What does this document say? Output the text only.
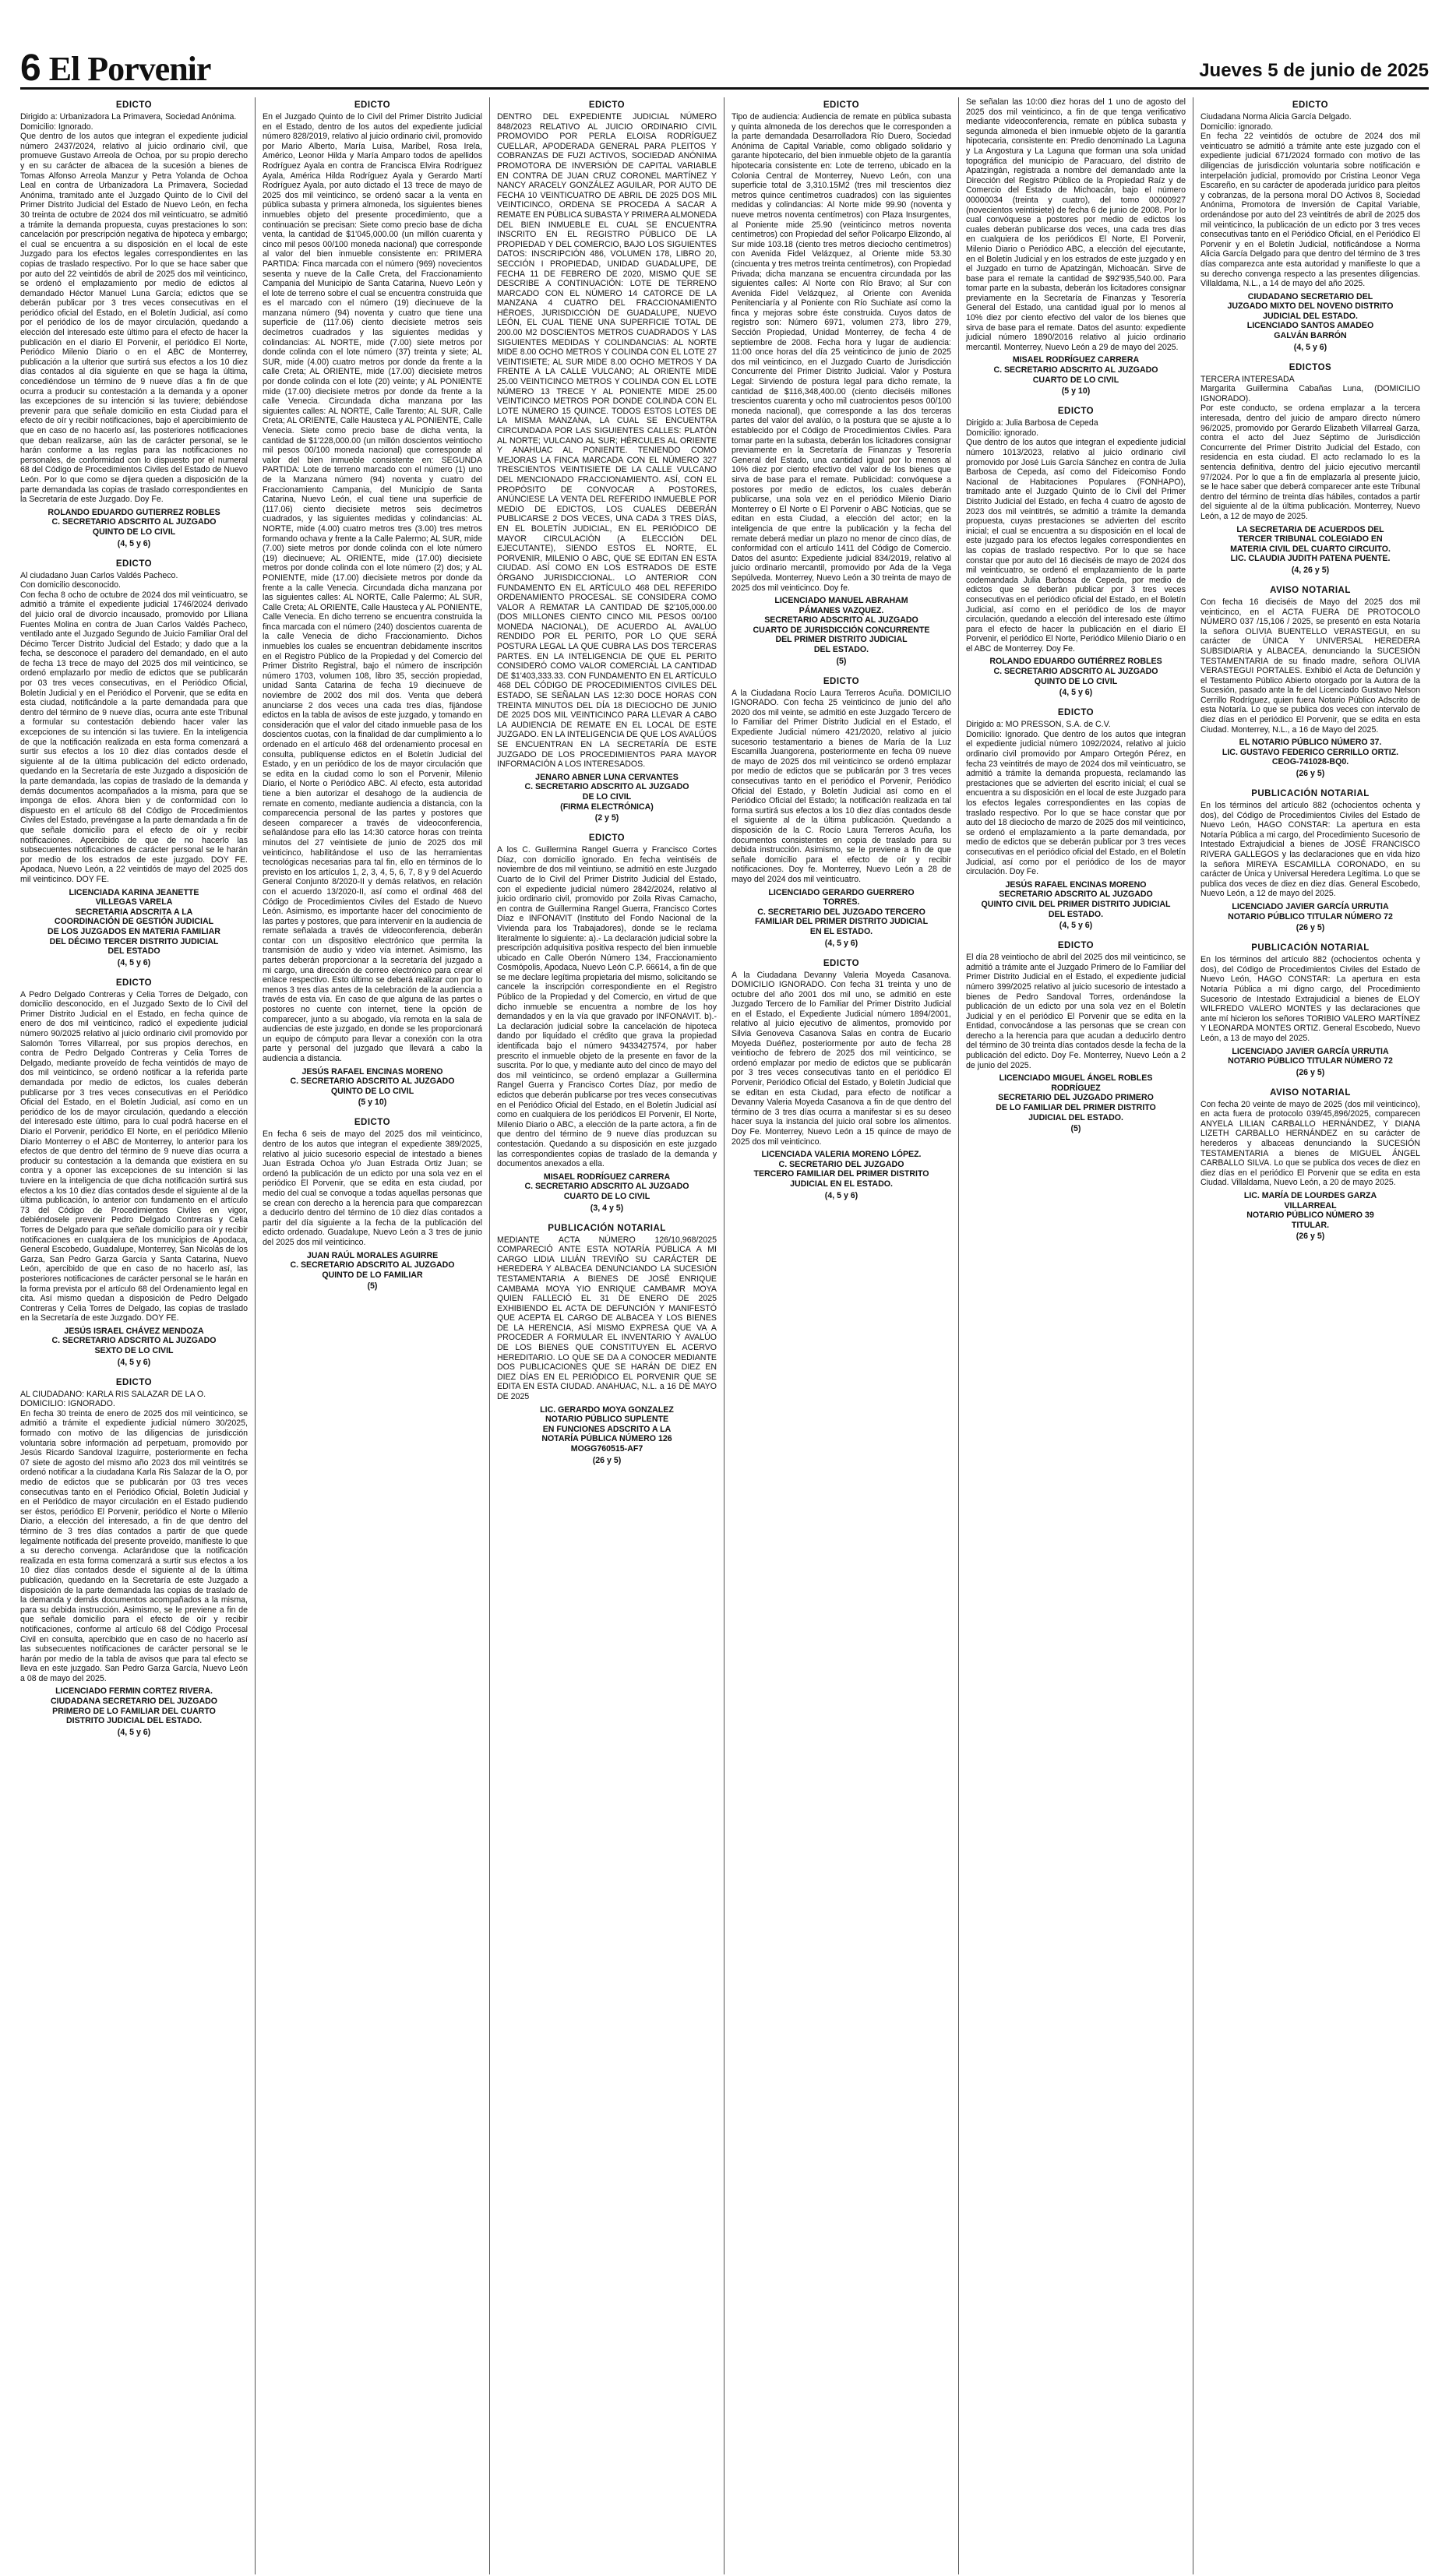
6 El Porvenir	Jueves 5 de junio de 2025
EDICTO

Dirigido a: Urbanizadora La Primavera, Sociedad Anónima.
Domicilio: Ignorado.
Que dentro de los autos que integran el expediente judicial número 2437/2024, relativo al juicio ordinario civil, que promueve Gustavo Arreola de Ochoa, por su propio derecho y en su carácter de albacea de la sucesión a bienes de Tomas Alfonso Arreola Manzur y Petra Yolanda de Ochoa Leal en contra de Urbanizadora La Primavera, Sociedad Anónima, tramitado ante el Juzgado Quinto de lo Civil del Primer Distrito Judicial del Estado de Nuevo León, en fecha 30 treinta de octubre de 2024 dos mil veinticuatro, se admitió a trámite la demanda propuesta, cuyas prestaciones lo son: cancelación por prescripción negativa de hipoteca y embargo; el cual se encuentra a su disposición en el local de este Juzgado para los efectos legales correspondientes en las copias de traslado respectivo. Por lo que se hace saber que por auto del 22 veintidós de abril de 2025 dos mil veinticinco, se ordenó el emplazamiento por medio de edictos al demandado Héctor Manuel Luna García; edictos que se deberán publicar por 3 tres veces consecutivas en el periódico oficial del Estado, en el Boletín Judicial, así como por el periódico de los de mayor circulación, quedando a elección del interesado este último para el efecto de hacer la publicación en el diario El Porvenir, el periódico El Norte, Periódico Milenio Diario o en el ABC de Monterrey, publicación a la ulterior que surtirá sus efectos a los 10 diez días contados al día siguiente en que se haga la última, concediéndose un término de 9 nueve días a fin de que ocurra a producir su contestación a la demanda y a oponer las excepciones de su intención si las tuviere; debiéndose prevenir para que señale domicilio en esta Ciudad para el efecto de oír y recibir notificaciones, bajo el apercibimiento de que en caso de no hacerlo así, las posteriores notificaciones que deban realizarse, aún las de carácter personal, se le harán conforme a las reglas para las notificaciones no personales, de conformidad con lo dispuesto por el numeral 68 del Código de Procedimientos Civiles del Estado de Nuevo León. Por lo que como se dijera queden a disposición de la parte demandada las copias de traslado correspondientes en la Secretaría de este Juzgado. Doy Fe.

ROLANDO EDUARDO GUTIERREZ ROBLES
C. SECRETARIO ADSCRITO AL JUZGADO
QUINTO DE LO CIVIL
(4, 5 y 6)
EDICTO

Al ciudadano Juan Carlos Valdés Pacheco.
Con domicilio desconocido.
Con fecha 8 ocho de octubre de 2024 dos mil veinticuatro, se admitió a trámite el expediente judicial 1746/2024 derivado del juicio oral de divorcio incausado, promovido por Liliana Fuentes Molina en contra de Juan Carlos Valdés Pacheco, ventilado ante el Juzgado Segundo de Juicio Familiar Oral del Décimo Tercer Distrito Judicial del Estado; y dado que a la fecha, se desconoce el paradero del demandado, en el auto de fecha 13 trece de mayo del 2025 dos mil veinticinco, se ordenó emplazarlo por medio de edictos que se publicarán por 03 tres veces consecutivas, en el Periódico Oficial, Boletín Judicial y en el Periódico el Porvenir, que se edita en esta ciudad, notificándole a la parte demandada para que dentro del término de 9 nueve días, ocurra ante este Tribunal a formular su contestación debiendo hacer valer las excepciones de su intención si las tuviere. En la inteligencia de que la notificación realizada en esta forma comenzará a surtir sus efectos a los 10 diez días contados desde el siguiente al de la última publicación del edicto ordenado, quedando en la Secretaría de este Juzgado a disposición de la parte demandada, las copias de traslado de la demanda y demás documentos acompañados a la misma, para que se imponga de ellos. Ahora bien y de conformidad con lo dispuesto en el artículo 68 del Código de Procedimientos Civiles del Estado, prevéngase a la parte demandada a fin de que señale domicilio para el efecto de oír y recibir notificaciones. Apercibido de que de no hacerlo las subsecuentes notificaciones de carácter personal se le harán por medio de los estrados de este juzgado. DOY FE. Apodaca, Nuevo León, a 22 veintidós de mayo del 2025 dos mil veinticinco. DOY FE.

LICENCIADA KARINA JEANETTE
VILLEGAS VARELA
SECRETARIA ADSCRITA A LA
COORDINACIÓN DE GESTIÓN JUDICIAL
DE LOS JUZGADOS EN MATERIA FAMILIAR
DEL DÉCIMO TERCER DISTRITO JUDICIAL
DEL ESTADO
(4, 5 y 6)
EDICTO

A Pedro Delgado Contreras y Celia Torres de Delgado, con domicilio desconocido, en el Juzgado Sexto de lo Civil del Primer Distrito Judicial en el Estado, en fecha quince de enero de dos mil veinticinco, radicó el expediente judicial número 90/2025 relativo al juicio ordinario civil promovido por Salomón Torres Villarreal, por sus propios derechos, en contra de Pedro Delgado Contreras y Celia Torres de Delgado, mediante proveído de fecha veintidós de mayo de dos mil veinticinco, se ordenó notificar a la referida parte demandada por medio de edictos, los cuales deberán publicarse por 3 tres veces consecutivas en el Periódico Oficial del Estado, en el Boletín Judicial, así como en un periódico de los de mayor circulación, quedando a elección del interesado este último, para lo cual podrá hacerse en el Diario el Porvenir, periódico El Norte, en el periódico Milenio Diario Monterrey o el ABC de Monterrey, lo anterior para los efectos de que dentro del término de 9 nueve días ocurra a producir su contestación a la demanda que existiera en su contra y a oponer las excepciones de su intención si las tuviere en la inteligencia de que dicha notificación surtirá sus efectos a los 10 diez días contados desde el siguiente al de la última publicación, lo anterior con fundamento en el artículo 73 del Código de Procedimientos Civiles en vigor, debiéndosele prevenir Pedro Delgado Contreras y Celia Torres de Delgado para que señale domicilio para oír y recibir notificaciones en cualquiera de los municipios de Apodaca, General Escobedo, Guadalupe, Monterrey, San Nicolás de los Garza, San Pedro Garza García y Santa Catarina, Nuevo León, apercibido de que en caso de no hacerlo así, las posteriores notificaciones de carácter personal se le harán en la forma prevista por el artículo 68 del Ordenamiento legal en cita. Así mismo quedan a disposición de Pedro Delgado Contreras y Celia Torres de Delgado, las copias de traslado en la Secretaría de este Juzgado. DOY FE.

JESÚS ISRAEL CHÁVEZ MENDOZA
C. SECRETARIO ADSCRITO AL JUZGADO
SEXTO DE LO CIVIL
(4, 5 y 6)
EDICTO

AL CIUDADANO: KARLA RIS SALAZAR DE LA O.
DOMICILIO: IGNORADO.
En fecha 30 treinta de enero de 2025 dos mil veinticinco, se admitió a trámite el expediente judicial número 30/2025, formado con motivo de las diligencias de jurisdicción voluntaria sobre información ad perpetuam, promovido por Jesús Ricardo Sandoval Izaguirre, posteriormente en fecha 07 siete de agosto del mismo año 2023 dos mil veintitrés se ordenó notificar a la ciudadana Karla Ris Salazar de la O, por medio de edictos que se publicarán por 03 tres veces consecutivas tanto en el Periódico Oficial, Boletín Judicial y en el Periódico de mayor circulación en el Estado pudiendo ser éstos, periódico El Porvenir, periódico el Norte o Milenio Diario, a elección del interesado, a fin de que dentro del término de 3 tres días contados a partir de que quede legalmente notificada del presente proveído, manifieste lo que a su derecho convenga. Aclarándose que la notificación realizada en esta forma comenzará a surtir sus efectos a los 10 diez días contados desde el siguiente al de la última publicación, quedando en la Secretaría de este Juzgado a disposición de la parte demandada las copias de traslado de la demanda y demás documentos acompañados a la misma, para su debida instrucción. Asimismo, se le previene a fin de que señale domicilio para el efecto de oír y recibir notificaciones, conforme al artículo 68 del Código Procesal Civil en consulta, apercibido que en caso de no hacerlo así las subsecuentes notificaciones de carácter personal se le harán por medio de la tabla de avisos que para tal efecto se lleva en este juzgado. San Pedro Garza García, Nuevo León a 08 de mayo del 2025.

LICENCIADO FERMIN CORTEZ RIVERA.
CIUDADANA SECRETARIO DEL JUZGADO
PRIMERO DE LO FAMILIAR DEL CUARTO
DISTRITO JUDICIAL DEL ESTADO.
(4, 5 y 6)
EDICTO

En el Juzgado Quinto de lo Civil del Primer Distrito Judicial en el Estado, dentro de los autos del expediente judicial número 828/2019, relativo al juicio ordinario civil, promovido por Mario Alberto, María Luisa, Maribel, Rosa Irela, Américo, Leonor Hilda y María Amparo todos de apellidos Rodríguez Ayala en contra de Francisca Elvira Rodríguez Ayala, América Hilda Rodríguez Ayala y Gerardo Martí Rodríguez Ayala, por auto dictado el 13 trece de mayo de 2025 dos mil veinticinco, se ordenó sacar a la venta en pública subasta y primera almoneda, los siguientes bienes inmuebles objeto del presente procedimiento, que a continuación se precisan: Siete como precio base de dicha venta, la cantidad de $1'045,000.00 (un millón cuarenta y cinco mil pesos 00/100 moneda nacional) que corresponde al valor del bien inmueble consistente en: PRIMERA PARTIDA: Finca marcada con el número (969) novecientos sesenta y nueve de la Calle Creta, del Fraccionamiento Campania del Municipio de Santa Catarina, Nuevo León y el lote de terreno sobre el cual se encuentra construida que es el marcado con el número (19) diecinueve de la manzana número (94) noventa y cuatro que tiene una superficie de (117.06) ciento diecisiete metros seis decímetros cuadrados y las siguientes medidas y colindancias: AL NORTE, mide (7.00) siete metros por donde colinda con el lote número (37) treinta y siete; AL SUR, mide (4.00) cuatro metros por donde da frente a la calle Creta; AL ORIENTE, mide (17.00) diecisiete metros por donde colinda con el lote (20) veinte; y AL PONIENTE mide (17.00) diecisiete metros por donde da frente a la calle Venecia. Circundada dicha manzana por las siguientes calles: AL NORTE, Calle Tarento; AL SUR, Calle Creta; AL ORIENTE, Calle Hausteca y AL PONIENTE, Calle Venecia. Siete como precio base de dicha venta, la cantidad de $1'228,000.00 (un millón doscientos veintiocho mil pesos 00/100 moneda nacional) que corresponde al valor del bien inmueble consistente en: SEGUNDA PARTIDA: Lote de terreno marcado con el número (1) uno de la Manzana número (94) noventa y cuatro del Fraccionamiento Campania, del Municipio de Santa Catarina, Nuevo León, el cual tiene una superficie de (117.06) ciento diecisiete metros seis decímetros cuadrados, y las siguientes medidas y colindancias: AL NORTE, mide (4.00) cuatro metros tres (3.00) tres metros formando ochava y frente a la Calle Palermo; AL SUR, mide (7.00) siete metros por donde colinda con el lote número (19) diecinueve; AL ORIENTE, mide (17.00) diecisiete metros por donde colinda con el lote número (2) dos; y AL PONIENTE, mide (17.00) diecisiete metros por donde da frente a la calle Venecia. Circundada dicha manzana por las siguientes calles: AL NORTE, Calle Palermo; AL SUR, Calle Creta; AL ORIENTE, Calle Hausteca y AL PONIENTE, Calle Venecia. En dicho terreno se encuentra construida la finca marcada con el número (240) doscientos cuarenta de la calle Venecia de dicho Fraccionamiento. Dichos inmuebles los cuales se encuentran debidamente inscritos en el Registro Público de la Propiedad y del Comercio del Primer Distrito Registral, bajo el número de inscripción número 1703, volumen 108, libro 35, sección propiedad, unidad Santa Catarina de fecha 19 diecinueve de noviembre de 2002 dos mil dos. Venta que deberá anunciarse 2 dos veces una cada tres días, fijándose edictos en la tabla de avisos de este juzgado, y tomando en consideración que el valor del citado inmueble pasa de los doscientos cuotas, con la finalidad de dar cumplimiento a lo ordenado en el artículo 468 del ordenamiento procesal en consulta, publíquense edictos en el Boletín Judicial del Estado, y en un periódico de los de mayor circulación que se edita en la ciudad como lo son el Porvenir, Milenio Diario, el Norte o Periódico ABC. Al efecto, esta autoridad tiene a bien autorizar el desahogo de la audiencia de remate en comento, mediante audiencia a distancia, con la comparecencia personal de las partes y postores que deseen comparecer a través de videoconferencia, señalándose para ello las 14:30 catorce horas con treinta minutos del 27 veintisiete de junio de 2025 dos mil veinticinco, habilitándose el uso de las herramientas tecnológicas necesarias para tal fin, ello en términos de lo previsto en los artículos 1, 2, 3, 4, 5, 6, 7, 8 y 9 del Acuerdo General Conjunto 8/2020-II y demás relativos, en relación con el acuerdo 13/2020-II, así como el ordinal 468 del Código de Procedimientos Civiles del Estado de Nuevo León. Asimismo, es importante hacer del conocimiento de las partes y postores, que para intervenir en la audiencia de remate señalada a través de videoconferencia, deberán contar con un dispositivo electrónico que permita la transmisión de audio y video vía internet. Asimismo, las partes deberán proporcionar a la secretaría del juzgado a mi cargo, una dirección de correo electrónico para crear el enlace respectivo. Esto último se deberá realizar con por lo menos 3 tres días antes de la celebración de la audiencia a través de esta vía. En caso de que alguna de las partes o postores no cuente con internet, tiene la opción de comparecer, junto a su abogado, vía remota en la sala de audiencias de este juzgado, en donde se les proporcionará un equipo de cómputo para llevar a conexión con la otra parte y personal del juzgado que llevará a cabo la audiencia a distancia.

JESÚS RAFAEL ENCINAS MORENO
C. SECRETARIO ADSCRITO AL JUZGADO
QUINTO DE LO CIVIL
(5 y 10)
EDICTO

En fecha 6 seis de mayo del 2025 dos mil veinticinco, dentro de los autos que integran el expediente 389/2025, relativo al juicio sucesorio especial de intestado a bienes Juan Estrada Ochoa y/o Juan Estrada Ortiz Juan; se ordenó la publicación de un edicto por una sola vez en el periódico El Porvenir, que se edita en esta ciudad, por medio del cual se convoque a todas aquellas personas que se crean con derecho a la herencia para que comparezcan a deducirlo dentro del término de 10 diez días contados a partir del día siguiente a la fecha de la publicación del edicto ordenado. Guadalupe, Nuevo León a 3 tres de junio del 2025 dos mil veinticinco.

JUAN RAÚL MORALES AGUIRRE
C. SECRETARIO ADSCRITO AL JUZGADO
QUINTO DE LO FAMILIAR
(5)
EDICTO

DENTRO DEL EXPEDIENTE JUDICIAL NÚMERO 848/2023 RELATIVO AL JUICIO ORDINARIO CIVIL PROMOVIDO POR PERLA ELOISA RODRÍGUEZ CUELLAR, APODERADA GENERAL PARA PLEITOS Y COBRANZAS DE FUZI ACTIVOS, SOCIEDAD ANÓNIMA PROMOTORA DE INVERSIÓN DE CAPITAL VARIABLE EN CONTRA DE JUAN CRUZ CORONEL MARTÍNEZ Y NANCY ARACELY GONZÁLEZ AGUILAR, POR AUTO DE FECHA 10 VEINTICUATRO DE ABRIL DE 2025 DOS MIL VEINTICINCO, ORDENA SE PROCEDA A SACAR A REMATE EN PÚBLICA SUBASTA Y PRIMERA ALMONEDA DEL BIEN INMUEBLE EL CUAL SE ENCUENTRA INSCRITO EN EL REGISTRO PÚBLICO DE LA PROPIEDAD Y DEL COMERCIO, BAJO LOS SIGUIENTES DATOS: INSCRIPCIÓN 486, VOLUMEN 178, LIBRO 20, SECCIÓN I PROPIEDAD, UNIDAD GUADALUPE, DE FECHA 11 DE FEBRERO DE 2020, MISMO QUE SE DESCRIBE A CONTINUACIÓN: LOTE DE TERRENO MARCADO CON EL NÚMERO 14 CATORCE DE LA MANZANA 4 CUATRO DEL FRACCIONAMIENTO HÉROES, JURISDICCIÓN DE GUADALUPE, NUEVO LEÓN, EL CUAL TIENE UNA SUPERFICIE TOTAL DE 200.00 M2 DOSCIENTOS METROS CUADRADOS Y LAS SIGUIENTES MEDIDAS Y COLINDANCIAS: AL NORTE MIDE 8.00 OCHO METROS Y COLINDA CON EL LOTE 27 VEINTISIETE; AL SUR MIDE 8.00 OCHO METROS Y DA FRENTE A LA CALLE VULCANO; AL ORIENTE MIDE 25.00 VEINTICINCO METROS Y COLINDA CON EL LOTE NÚMERO 13 TRECE Y AL PONIENTE MIDE 25.00 VEINTICINCO METROS POR DONDE COLINDA CON EL LOTE NÚMERO 15 QUINCE. TODOS ESTOS LOTES DE LA MISMA MANZANA, LA CUAL SE ENCUENTRA CIRCUNDADA POR LAS SIGUIENTES CALLES: PLATÓN AL NORTE; VULCANO AL SUR; HÉRCULES AL ORIENTE Y ANAHUAC AL PONIENTE. TENIENDO COMO MEJORAS LA FINCA MARCADA CON EL NÚMERO 327 TRESCIENTOS VEINTISIETE DE LA CALLE VULCANO DEL MENCIONADO FRACCIONAMIENTO. ASÍ, CON EL PROPÓSITO DE CONVOCAR A POSTORES, ANÚNCIESE LA VENTA DEL REFERIDO INMUEBLE POR MEDIO DE EDICTOS, LOS CUALES DEBERÁN PUBLICARSE 2 DOS VECES, UNA CADA 3 TRES DÍAS, EN EL BOLETÍN JUDICIAL, EN EL PERIÓDICO DE MAYOR CIRCULACIÓN (A ELECCIÓN DEL EJECUTANTE), SIENDO ESTOS EL NORTE, EL PORVENIR, MILENIO O ABC, QUE SE EDITAN EN ESTA CIUDAD. ASÍ COMO EN LOS ESTRADOS DE ESTE ÓRGANO JURISDICCIONAL. LO ANTERIOR CON FUNDAMENTO EN EL ARTÍCULO 468 DEL REFERIDO ORDENAMIENTO PROCESAL. SE CONSIDERA COMO VALOR A REMATAR LA CANTIDAD DE $2'105,000.00 (DOS MILLONES CIENTO CINCO MIL PESOS 00/100 MONEDA NACIONAL), DE ACUERDO AL AVALÚO RENDIDO POR EL PERITO, POR LO QUE SERÁ POSTURA LEGAL LA QUE CUBRA LAS DOS TERCERAS PARTES. EN LA INTELIGENCIA DE QUE EL PERITO CONSIDERÓ COMO VALOR COMERCIAL LA CANTIDAD DE $1'403,333.33. CON FUNDAMENTO EN EL ARTÍCULO 468 DEL CÓDIGO DE PROCEDIMIENTOS CIVILES DEL ESTADO, SE SEÑALAN LAS 12:30 DOCE HORAS CON TREINTA MINUTOS DEL DÍA 18 DIECIOCHO DE JUNIO DE 2025 DOS MIL VEINTICINCO PARA LLEVAR A CABO LA AUDIENCIA DE REMATE EN EL LOCAL DE ESTE JUZGADO. EN LA INTELIGENCIA DE QUE LOS AVALÚOS SE ENCUENTRAN EN LA SECRETARÍA DE ESTE JUZGADO DE LOS PROCEDIMIENTOS PARA MAYOR INFORMACIÓN A LOS INTERESADOS.

JENARO ABNER LUNA CERVANTES
C. SECRETARIO ADSCRITO AL JUZGADO
DE LO CIVIL
(FIRMA ELECTRÓNICA)
(2 y 5)
EDICTO

A los C. Guillermina Rangel Guerra y Francisco Cortes Díaz, con domicilio ignorado. En fecha veintiséis de noviembre de dos mil veintiuno, se admitió en este Juzgado Cuarto de lo Civil del Primer Distrito Judicial del Estado, con el expediente judicial número 2842/2024, relativo al juicio ordinario civil, promovido por Zoila Rivas Camacho, en contra de Guillermina Rangel Guerra, Francisco Cortes Díaz e INFONAVIT (Instituto del Fondo Nacional de la Vivienda para los Trabajadores), donde se le reclama literalmente lo siguiente: a).- La declaración judicial sobre la prescripción adquisitiva positiva respecto del bien inmueble ubicado en Calle Oberón Número 134, Fraccionamiento Cosmópolis, Apodaca, Nuevo León C.P. 66614, a fin de que se me declare legítima propietaria del mismo, solicitando se cancele la inscripción correspondiente en el Registro Público de la Propiedad y del Comercio, en virtud de que dicho inmueble se encuentra a nombre de los hoy demandados y en la vía que gravado por INFONAVIT. b).- La declaración judicial sobre la cancelación de hipoteca dando por liquidado el crédito que grava la propiedad identificada bajo el número 9433427574, por haber prescrito el inmueble objeto de la presente en favor de la suscrita. Por lo que, y mediante auto del cinco de mayo del dos mil veinticinco, se ordenó emplazar a Guillermina Rangel Guerra y Francisco Cortes Díaz, por medio de edictos que deberán publicarse por tres veces consecutivas en el Periódico Oficial del Estado, en el Boletín Judicial así como en cualquiera de los periódicos El Porvenir, El Norte, Milenio Diario o ABC, a elección de la parte actora, a fin de que dentro del término de 9 nueve días produzcan su contestación. Quedando a su disposición en este juzgado las correspondientes copias de traslado de la demanda y documentos anexados a ella.

MISAEL RODRÍGUEZ CARRERA
C. SECRETARIO ADSCRITO AL JUZGADO
CUARTO DE LO CIVIL
(3, 4 y 5)
PUBLICACIÓN NOTARIAL

MEDIANTE ACTA NÚMERO 126/10,968/2025 COMPARECIÓ ANTE ESTA NOTARÍA PÚBLICA A MI CARGO LIDIA LILIÁN TREVIÑO SU CARÁCTER DE HEREDERA Y ALBACEA DENUNCIANDO LA SUCESIÓN TESTAMENTARIA A BIENES DE JOSÉ ENRIQUE CAMBAMA MOYA YIO ENRIQUE CAMBAMR MOYA QUIEN FALLECIÓ EL 31 DE ENERO DE 2025 EXHIBIENDO EL ACTA DE DEFUNCIÓN Y MANIFESTÓ QUE ACEPTA EL CARGO DE ALBACEA Y LOS BIENES DE LA HERENCIA, ASÍ MISMO EXPRESA QUE VA A PROCEDER A FORMULAR EL INVENTARIO Y AVALÚO DE LOS BIENES QUE CONSTITUYEN EL ACERVO HEREDITARIO. LO QUE SE DA A CONOCER MEDIANTE DOS PUBLICACIONES QUE SE HARÁN DE DIEZ EN DIEZ DÍAS EN EL PERIÓDICO EL PORVENIR QUE SE EDITA EN ESTA CIUDAD. ANAHUAC, N.L. a 16 DE MAYO DE 2025

LIC. GERARDO MOYA GONZALEZ
NOTARIO PÚBLICO SUPLENTE
EN FUNCIONES ADSCRITO A LA
NOTARÍA PÚBLICA NÚMERO 126
MOGG760515-AF7
(26 y 5)
EDICTO

Tipo de audiencia: Audiencia de remate en pública subasta y quinta almoneda de los derechos que le corresponden a la parte demandada Desarrolladora Río Duero, Sociedad Anónima de Capital Variable, como obligado solidario y garante hipotecario, del bien inmueble objeto de la garantía hipotecaria consistente en: Lote de terreno, ubicado en la Colonia Central de Monterrey, Nuevo León, con una superficie total de 3,310.15M2 (tres mil trescientos diez metros quince centímetros cuadrados) con las siguientes medidas y colindancias: Al Norte mide 99.90 (noventa y nueve metros noventa centímetros) con Plaza Insurgentes, al Poniente mide 25.90 (veinticinco metros noventa centímetros) con Propiedad del señor Policarpo Elizondo, al Sur mide 103.18 (ciento tres metros dieciocho centímetros) con Avenida Fidel Velázquez, al Oriente mide 53.30 (cincuenta y tres metros treinta centímetros), con Propiedad Privada; dicha manzana se encuentra circundada por las siguientes calles: Al Norte con Río Bravo; al Sur con Avenida Fidel Velázquez, al Oriente con Avenida Penitenciaría y al Poniente con Río Suchiate así como la finca y mejoras sobre éste construida. Cuyos datos de registro son: Número 6971, volumen 273, libro 279, Sección Propiedad, Unidad Monterrey, de fecha 4 de septiembre de 2008. Fecha hora y lugar de audiencia: 11:00 once horas del día 25 veinticinco de junio de 2025 dos mil veinticinco, en el Juzgado Cuarto de Jurisdicción Concurrente del Primer Distrito Judicial. Valor y Postura Legal: Sirviendo de postura legal para dicho remate, la cantidad de $116,348,400.00 (ciento dieciséis millones trescientos cuarenta y ocho mil cuatrocientos pesos 00/100 moneda nacional), que corresponde a las dos terceras partes del valor del avalúo, o la postura que se ajuste a lo establecido por el Código de Procedimientos Civiles. Para tomar parte en la subasta, deberán los licitadores consignar previamente en la Secretaría de Finanzas y Tesorería General del Estado, una cantidad igual por lo menos al 10% diez por ciento efectivo del valor de los bienes que sirva de base para el remate. Publicidad: convóquese a postores por medio de edictos, los cuales deberán publicarse, una sola vez en el periódico Milenio Diario Monterrey o El Norte o El Porvenir o ABC Noticias, que se editan en esta Ciudad, a elección del actor; en la inteligencia de que entre la publicación y la fecha del remate deberá mediar un plazo no menor de cinco días, de conformidad con el artículo 1411 del Código de Comercio. Datos del asunto: Expediente judicial 834/2019, relativo al juicio ordinario mercantil, promovido por Ada de la Vega Sepúlveda. Monterrey, Nuevo León a 30 treinta de mayo de 2025 dos mil veinticinco. Doy fe.

LICENCIADO MANUEL ABRAHAM
PÁMANES VAZQUEZ.
SECRETARIO ADSCRITO AL JUZGADO
CUARTO DE JURISDICCIÓN CONCURRENTE
DEL PRIMER DISTRITO JUDICIAL
DEL ESTADO.
(5)
EDICTO

A la Ciudadana Rocío Laura Terreros Acuña. DOMICILIO IGNORADO. Con fecha 25 veinticinco de junio del año 2020 dos mil veinte, se admitió en este Juzgado Tercero de lo Familiar del Primer Distrito Judicial en el Estado, el Expediente Judicial número 421/2020, relativo al juicio sucesorio testamentario a bienes de María de la Luz Escamilla Juangorena, posteriormente en fecha 09 nueve de mayo de 2025 dos mil veinticinco se ordenó emplazar por medio de edictos que se publicarán por 3 tres veces consecutivas tanto en el periódico el Porvenir, Periódico Oficial del Estado, y Boletín Judicial así como en el Periódico Oficial del Estado; la notificación realizada en tal forma surtirá sus efectos a los 10 diez días contados desde el siguiente al de la última publicación. Quedando a disposición de la C. Rocío Laura Terreros Acuña, los documentos consistentes en copia de traslado para su debida instrucción. Asimismo, se le previene a fin de que señale domicilio para el efecto de oír y recibir notificaciones. Doy fe. Monterrey, Nuevo León a 28 de mayo del 2024 dos mil veinticuatro.

LICENCIADO GERARDO GUERRERO
TORRES.
C. SECRETARIO DEL JUZGADO TERCERO
FAMILIAR DEL PRIMER DISTRITO JUDICIAL
EN EL ESTADO.
(4, 5 y 6)
EDICTO

A la Ciudadana Devanny Valeria Moyeda Casanova. DOMICILIO IGNORADO. Con fecha 31 treinta y uno de octubre del año 2001 dos mil uno, se admitió en este Juzgado Tercero de lo Familiar del Primer Distrito Judicial en el Estado, el Expediente Judicial número 1894/2001, relativo al juicio ejecutivo de alimentos, promovido por Silvia Genoveva Casanova Salas en contra de Eucario Moyeda Duéñez, posteriormente por auto de fecha 28 veintiocho de febrero de 2025 dos mil veinticinco, se ordenó emplazar por medio de edictos que se publicarán por 3 tres veces consecutivas tanto en el periódico El Porvenir, Periódico Oficial del Estado, y Boletín Judicial que se editan en esta Ciudad, para efecto de notificar a Devanny Valeria Moyeda Casanova a fin de que dentro del término de 3 tres días ocurra a manifestar si es su deseo hacer suya la instancia del juicio oral sobre los alimentos. Doy Fe. Monterrey, Nuevo León a 15 quince de mayo de 2025 dos mil veinticinco.

LICENCIADA VALERIA MORENO LÓPEZ.
C. SECRETARIO DEL JUZGADO
TERCERO FAMILIAR DEL PRIMER DISTRITO
JUDICIAL EN EL ESTADO.
(4, 5 y 6)

Se señalan las 10:00 diez horas del 1 uno de agosto del 2025 dos mil veinticinco, a fin de que tenga verificativo mediante videoconferencia, remate en pública subasta y segunda almoneda el bien inmueble objeto de la garantía hipotecaria, consistente en: Predio denominado La Laguna y La Angostura y La Laguna que forman una sola unidad topográfica del municipio de Paracuaro, del distrito de Apatzingán, registrada a nombre del demandado ante la Dirección del Registro Público de la Propiedad Raíz y de Comercio del Estado de Michoacán, bajo el número 00000034 (treinta y cuatro), del tomo 00000927 (novecientos veintisiete) de fecha 6 de junio de 2008. Por lo cual convóquese a postores por medio de edictos los cuales deberán publicarse dos veces, una cada tres días en cualquiera de los periódicos El Norte, El Porvenir, Milenio Diario o Periódico ABC, a elección del ejecutante, en el Boletín Judicial y en los estrados de este juzgado y en el Juzgado en turno de Apatzingán, Michoacán. Sirve de base para el remate la cantidad de $92'935,540.00. Para tomar parte en la subasta, deberán los licitadores consignar previamente en la Secretaría de Finanzas y Tesorería General del Estado, una cantidad igual por lo menos al 10% diez por ciento efectivo del valor de los bienes que sirva de base para el remate. Datos del asunto: expediente judicial número 1890/2016 relativo al juicio ordinario mercantil. Monterrey, Nuevo León a 29 de mayo del 2025.

MISAEL RODRÍGUEZ CARRERA
C. SECRETARIO ADSCRITO AL JUZGADO
CUARTO DE LO CIVIL
(5 y 10)
EDICTO

Dirigido a: Julia Barbosa de Cepeda
Domicilio: ignorado.
Que dentro de los autos que integran el expediente judicial número 1013/2023, relativo al juicio ordinario civil promovido por José Luis García Sánchez en contra de Julia Barbosa de Cepeda, así como del Fideicomiso Fondo Nacional de Habitaciones Populares (FONHAPO), tramitado ante el Juzgado Quinto de lo Civil del Primer Distrito Judicial del Estado, en fecha 4 cuatro de agosto de 2023 dos mil veintitrés, se admitió a trámite la demanda propuesta, cuyas prestaciones se advierten del escrito inicial; el cual se encuentra a su disposición en el local de este juzgado para los efectos legales correspondientes en las copias de traslado respectivo. Por lo que se hace constar que por auto del 16 dieciséis de mayo de 2024 dos mil veinticuatro, se ordenó el emplazamiento de la parte codemandada Julia Barbosa de Cepeda, por medio de edictos que se deberán publicar por 3 tres veces consecutivas en el periódico oficial del Estado, en el Boletín Judicial, así como en el periódico de los de mayor circulación, quedando a elección del interesado este último para el efecto de hacer la publicación en el diario El Porvenir, el periódico El Norte, Periódico Milenio Diario o en el ABC de Monterrey. Doy Fe.

ROLANDO EDUARDO GUTIÉRREZ ROBLES
C. SECRETARIO ADSCRITO AL JUZGADO
QUINTO DE LO CIVIL
(4, 5 y 6)
EDICTO

Dirigido a: MO PRESSON, S.A. de C.V.
Domicilio: Ignorado. Que dentro de los autos que integran el expediente judicial número 1092/2024, relativo al juicio ordinario civil promovido por Amparo Ortegón Pérez, en fecha 23 veintitrés de mayo de 2024 dos mil veinticuatro, se admitió a trámite la demanda propuesta, reclamando las prestaciones que se advierten del escrito inicial; el cual se encuentra a su disposición en el local de este Juzgado para los efectos legales correspondientes en las copias de traslado respectivo. Por lo que se hace constar que por auto del 18 dieciocho de marzo de 2025 dos mil veinticinco, se ordenó el emplazamiento a la parte demandada, por medio de edictos que se deberán publicar por 3 tres veces consecutivas en el periódico oficial del Estado, en el Boletín Judicial, así como por el periódico de los de mayor circulación. Doy Fe.

JESÚS RAFAEL ENCINAS MORENO
SECRETARIO ADSCRITO AL JUZGADO
QUINTO CIVIL DEL PRIMER DISTRITO JUDICIAL
DEL ESTADO.
(4, 5 y 6)
EDICTO

El día 28 veintiocho de abril del 2025 dos mil veinticinco, se admitió a trámite ante el Juzgado Primero de lo Familiar del Primer Distrito Judicial en el Estado, el expediente judicial número 399/2025 relativo al juicio sucesorio de intestado a bienes de Pedro Sandoval Torres, ordenándose la publicación de un edicto por una sola vez en el Boletín Judicial y en el periódico El Porvenir que se edita en la Entidad, convocándose a las personas que se crean con derecho a la herencia para que acudan a deducirlo dentro del término de 30 treinta días contados desde la fecha de la publicación del edicto. Doy Fe. Monterrey, Nuevo León a 2 de junio del 2025.

LICENCIADO MIGUEL ÁNGEL ROBLES
RODRÍGUEZ
SECRETARIO DEL JUZGADO PRIMERO
DE LO FAMILIAR DEL PRIMER DISTRITO
JUDICIAL DEL ESTADO.
(5)
EDICTO

Ciudadana Norma Alicia García Delgado.
Domicilio: ignorado.
En fecha 22 veintidós de octubre de 2024 dos mil veinticuatro se admitió a trámite ante este juzgado con el expediente judicial 671/2024 formado con motivo de las diligencias de jurisdicción voluntaria sobre notificación e interpelación judicial, promovido por Cristina Leonor Vega Escareño, en su carácter de apoderada jurídico para pleitos y cobranzas, de la persona moral DO Activos 8, Sociedad Anónima, Promotora de Inversión de Capital Variable, ordenándose por auto del 23 veintitrés de abril de 2025 dos mil veinticinco, la publicación de un edicto por 3 tres veces consecutivas tanto en el Periódico Oficial, en el Periódico El Porvenir y en el Boletín Judicial, notificándose a Norma Alicia García Delgado para que dentro del término de 3 tres días comparezca ante esta autoridad y manifieste lo que a su derecho convenga respecto a las presentes diligencias. Villaldama, N.L., a 14 de mayo del año 2025.

CIUDADANO SECRETARIO DEL
JUZGADO MIXTO DEL NOVENO DISTRITO
JUDICIAL DEL ESTADO.
LICENCIADO SANTOS AMADEO
GALVÁN BARRÓN
(4, 5 y 6)
EDICTOS

TERCERA INTERESADA
Margarita Guillermina Cabañas Luna, (DOMICILIO IGNORADO).
Por este conducto, se ordena emplazar a la tercera interesada, dentro del juicio de amparo directo número 96/2025, promovido por Gerardo Elizabeth Villarreal Garza, contra el acto del Juez Séptimo de Jurisdicción Concurrente del Primer Distrito Judicial del Estado, con residencia en esta ciudad. El acto reclamado lo es la sentencia definitiva, dentro del juicio ejecutivo mercantil 97/2024. Por lo que a fin de emplazarla al presente juicio, se le hace saber que deberá comparecer ante este Tribunal dentro del término de treinta días hábiles, contados a partir del siguiente al de la última publicación. Monterrey, Nuevo León, a 12 de mayo de 2025.

LA SECRETARIA DE ACUERDOS DEL
TERCER TRIBUNAL COLEGIADO EN
MATERIA CIVIL DEL CUARTO CIRCUITO.
LIC. CLAUDIA JUDITH PATENA PUENTE.
(4, 26 y 5)
AVISO NOTARIAL

Con fecha 16 dieciséis de Mayo del 2025 dos mil veinticinco, en el ACTA FUERA DE PROTOCOLO NÚMERO 037 /15,106 / 2025, se presentó en esta Notaría la señora OLIVIA BUENTELLO VERASTEGUI, en su carácter de ÚNICA Y UNIVERSAL HEREDERA SUBSIDIARIA y ALBACEA, denunciando la SUCESIÓN TESTAMENTARIA de su finado madre, señora OLIVIA VERASTEGUI PORTALES. Exhibió el Acta de Defunción y el Testamento Público Abierto otorgado por la Autora de la Sucesión, pasado ante la fe del Licenciado Gustavo Nelson Cerrillo Rodríguez, quien fuera Notario Público Adscrito de esta Notaría. Lo que se publica dos veces con intervalo de diez días en el periódico El Porvenir, que se edita en esta Ciudad. Monterrey, N.L., a 16 de Mayo del 2025.

EL NOTARIO PÚBLICO NÚMERO 37.
LIC. GUSTAVO FEDERICO CERRILLO ORTIZ.
CEOG-741028-BQ0.
(26 y 5)
PUBLICACIÓN NOTARIAL

En los términos del artículo 882 (ochocientos ochenta y dos), del Código de Procedimientos Civiles del Estado de Nuevo León, HAGO CONSTAR: La apertura en esta Notaría Pública a mi cargo, del Procedimiento Sucesorio de Intestado Extrajudicial a bienes de JOSÉ FRANCISCO RIVERA GALLEGOS y las declaraciones que en vida hizo la señora MIREYA ESCAMILLA CORONADO, en su carácter de Única y Universal Heredera Legítima. Lo que se publica dos veces de diez en diez días. General Escobedo, Nuevo León, a 12 de mayo del 2025.

LICENCIADO JAVIER GARCÍA URRUTIA
NOTARIO PÚBLICO TITULAR NÚMERO 72
(26 y 5)
PUBLICACIÓN NOTARIAL

En los términos del artículo 882 (ochocientos ochenta y dos), del Código de Procedimientos Civiles del Estado de Nuevo León, HAGO CONSTAR: La apertura en esta Notaría Pública a mi digno cargo, del Procedimiento Sucesorio de Intestado Extrajudicial a bienes de ELOY WILFREDO VALERO MONTES y las declaraciones que ante mí hicieron los señores TORIBIO VALERO MARTÍNEZ Y LEONARDA MONTES ORTIZ. General Escobedo, Nuevo León, a 13 de mayo del 2025.

LICENCIADO JAVIER GARCÍA URRUTIA
NOTARIO PÚBLICO TITULAR NÚMERO 72
(26 y 5)
AVISO NOTARIAL

Con fecha 20 veinte de mayo de 2025 (dos mil veinticinco), en acta fuera de protocolo 039/45,896/2025, comparecen ANYELA LILIAN CARBALLO HERNÁNDEZ, Y DIANA LIZETH CARBALLO HERNÁNDEZ en su carácter de herederos y albaceas denunciando la SUCESIÓN TESTAMENTARIA a bienes de MIGUEL ÁNGEL CARBALLO SILVA. Lo que se publica dos veces de diez en diez días en el periódico El Porvenir que se edita en esta Ciudad. Villaldama, Nuevo León, a 20 de mayo 2025.

LIC. MARÍA DE LOURDES GARZA
VILLARREAL
NOTARIO PÚBLICO NÚMERO 39
TITULAR.
(26 y 5)
